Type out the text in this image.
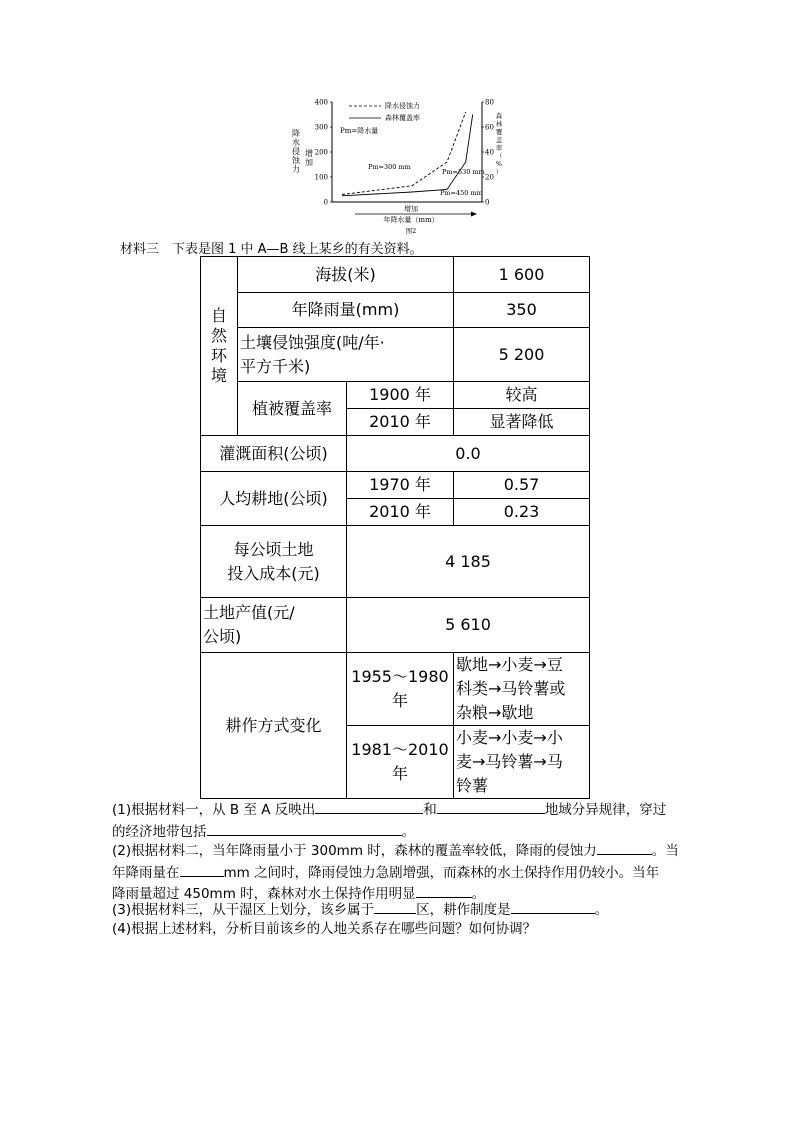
400
300
200
100
0
80
60
40
20
0
降水侵蚀力
森林覆盖率
Pm=降水量
Pm=300 mm
Pm=530 mm
Pm=450 mm
降
水
侵
蚀
力
增
加
森
林
覆
盖
率
（
%
）
增加
年降水量（mm）
图2
材料三　下表是图 1 中 A—B 线上某乡的有关资料。
自
然
环
境	海拔(米)		1 600
	年降雨量(mm)		350

	土壤侵蚀强度(吨/年·
平方千米)		5 200
	植被覆盖率	1900 年	较高
		2010 年	显著降低
灌溉面积(公顷)		0.0	
人均耕地(公顷)		1970 年	0.57
		2010 年	0.23

每公顷土地
投入成本(元)		4 185	

土地产值(元/
公顷)		5 610	
耕作方式变化		1955～1980 年	歇地→小麦→豆
科类→马铃薯或
杂粮→歇地

		1981～2010 年	小麦→小麦→小
麦→马铃薯→马
铃薯
(1)根据材料一，从 B 至 A 反映出	和	地域分异规律，穿过
的经济地带包括	。
(2)根据材料二，当年降雨量小于 300mm 时，森林的覆盖率较低，降雨的侵蚀力	。当
年降雨量在	mm 之间时，降雨侵蚀力急剧增强，而森林的水土保持作用仍较小。当年
降雨量超过 450mm 时，森林对水土保持作用明显	。
(3)根据材料三，从干湿区上划分，该乡属于	区，耕作制度是	。
(4)根据上述材料，分析目前该乡的人地关系存在哪些问题？如何协调？
